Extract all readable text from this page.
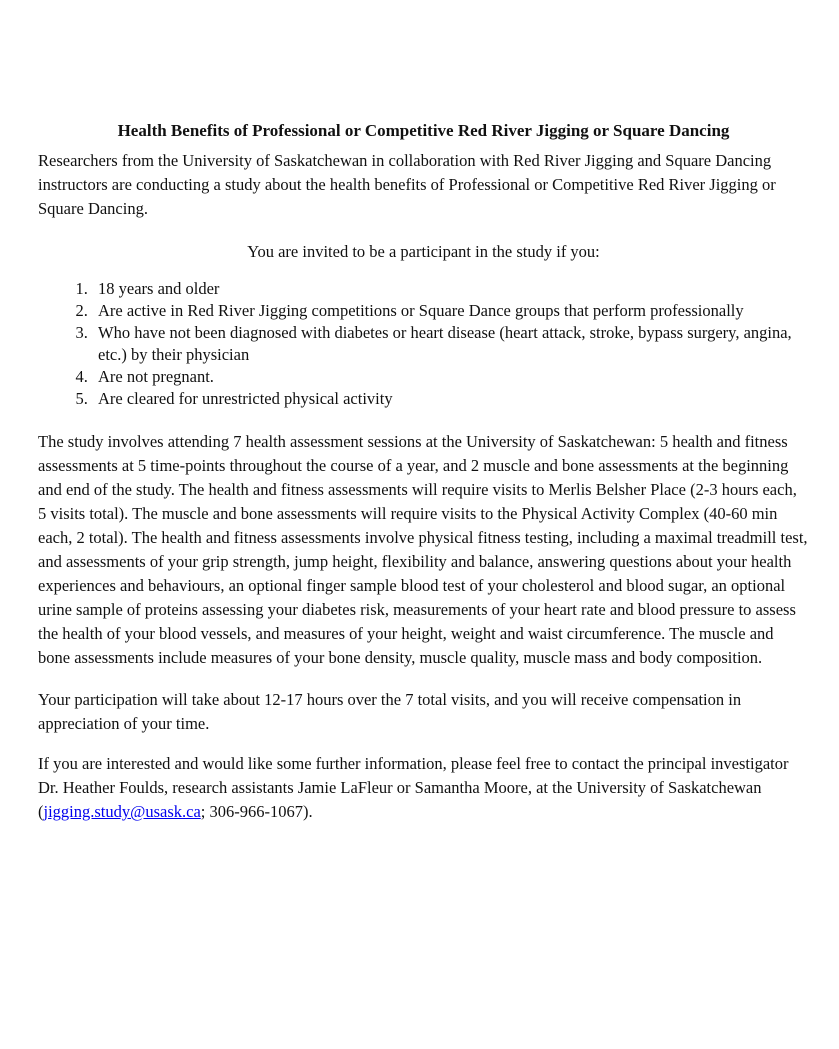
Health Benefits of Professional or Competitive Red River Jigging or Square Dancing

Researchers from the University of Saskatchewan in collaboration with Red River Jigging and Square Dancing instructors are conducting a study about the health benefits of Professional or Competitive Red River Jigging or Square Dancing.

You are invited to be a participant in the study if you:

1. 18 years and older
2. Are active in Red River Jigging competitions or Square Dance groups that perform professionally
3. Who have not been diagnosed with diabetes or heart disease (heart attack, stroke, bypass surgery, angina, etc.) by their physician
4. Are not pregnant.
5. Are cleared for unrestricted physical activity

The study involves attending 7 health assessment sessions at the University of Saskatchewan: 5 health and fitness assessments at 5 time-points throughout the course of a year, and 2 muscle and bone assessments at the beginning and end of the study. The health and fitness assessments will require visits to Merlis Belsher Place (2-3 hours each, 5 visits total). The muscle and bone assessments will require visits to the Physical Activity Complex (40-60 min each, 2 total). The health and fitness assessments involve physical fitness testing, including a maximal treadmill test, and assessments of your grip strength, jump height, flexibility and balance, answering questions about your health experiences and behaviours, an optional finger sample blood test of your cholesterol and blood sugar, an optional urine sample of proteins assessing your diabetes risk, measurements of your heart rate and blood pressure to assess the health of your blood vessels, and measures of your height, weight and waist circumference. The muscle and bone assessments include measures of your bone density, muscle quality, muscle mass and body composition.

Your participation will take about 12-17 hours over the 7 total visits, and you will receive compensation in appreciation of your time.

If you are interested and would like some further information, please feel free to contact the principal investigator Dr. Heather Foulds, research assistants Jamie LaFleur or Samantha Moore, at the University of Saskatchewan (jigging.study@usask.ca; 306-966-1067).
